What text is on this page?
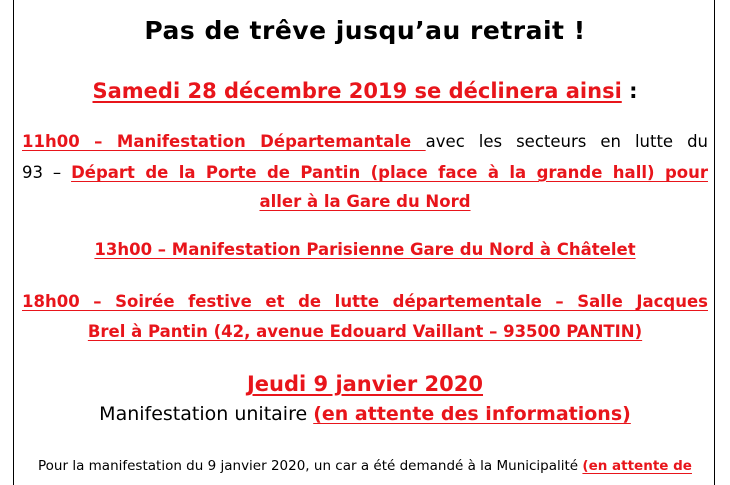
Pas de trêve jusqu’au retrait !
Samedi 28 décembre 2019 se déclinera ainsi :
11h00 – Manifestation Départemantale avec les secteurs en lutte du
93 – Départ de la Porte de Pantin (place face à la grande hall) pour
aller à la Gare du Nord
13h00 – Manifestation Parisienne Gare du Nord à Châtelet
18h00 – Soirée festive et de lutte départementale – Salle Jacques
Brel à Pantin (42, avenue Edouard Vaillant – 93500 PANTIN)
Jeudi 9 janvier 2020
Manifestation unitaire (en attente des informations)
Pour la manifestation du 9 janvier 2020, un car a été demandé à la Municipalité (en attente de
